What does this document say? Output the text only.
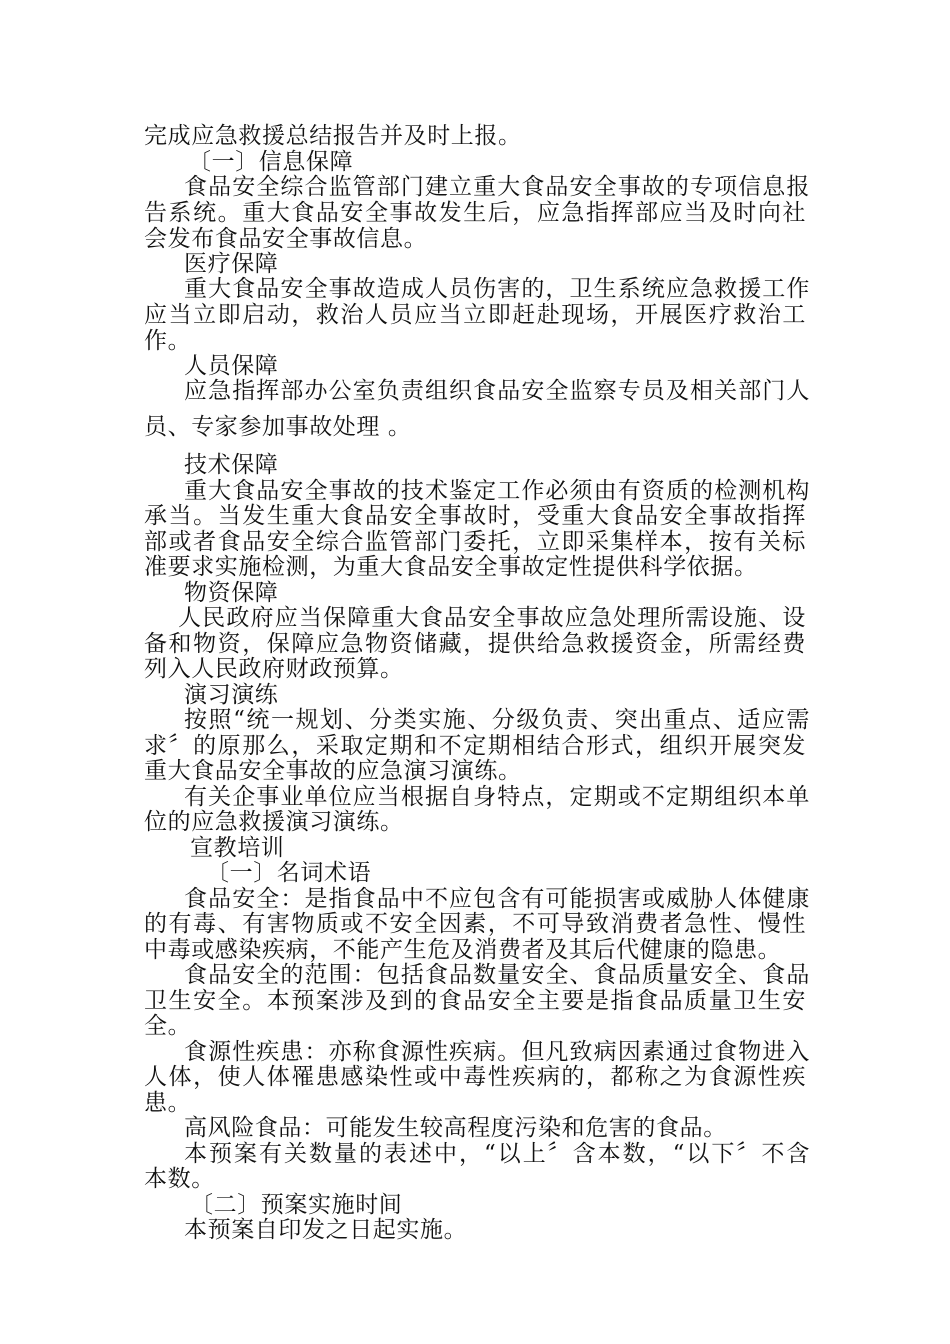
完成应急救援总结报告并及时上报。
〔一〕信息保障
食品安全综合监管部门建立重大食品安全事故的专项信息报
告系统。重大食品安全事故发生后，应急指挥部应当及时向社
会发布食品安全事故信息。
医疗保障
重大食品安全事故造成人员伤害的，卫生系统应急救援工作
应当立即启动，救治人员应当立即赶赴现场，开展医疗救治工
作。
人员保障
应急指挥部办公室负责组织食品安全监察专员及相关部门人
员、专家参加事故处理 。
技术保障
重大食品安全事故的技术鉴定工作必须由有资质的检测机构
承当。当发生重大食品安全事故时，受重大食品安全事故指挥
部或者食品安全综合监管部门委托，立即采集样本，按有关标
准要求实施检测，为重大食品安全事故定性提供科学依据。
物资保障
人民政府应当保障重大食品安全事故应急处理所需设施、设
备和物资，保障应急物资储藏，提供给急救援资金，所需经费
列入人民政府财政预算。
演习演练
按照“统一规划、分类实施、分级负责、突出重点、适应需
求〞的原那么，采取定期和不定期相结合形式，组织开展突发
重大食品安全事故的应急演习演练。
有关企事业单位应当根据自身特点，定期或不定期组织本单
位的应急救援演习演练。
宣教培训
〔一〕名词术语
食品安全：是指食品中不应包含有可能损害或威胁人体健康
的有毒、有害物质或不安全因素，不可导致消费者急性、慢性
中毒或感染疾病，不能产生危及消费者及其后代健康的隐患。
食品安全的范围：包括食品数量安全、食品质量安全、食品
卫生安全。本预案涉及到的食品安全主要是指食品质量卫生安
全。
食源性疾患：亦称食源性疾病。但凡致病因素通过食物进入
人体，使人体罹患感染性或中毒性疾病的，都称之为食源性疾
患。
高风险食品：可能发生较高程度污染和危害的食品。
本预案有关数量的表述中，“以上〞含本数，“以下〞不含
本数。
〔二〕预案实施时间
本预案自印发之日起实施。
